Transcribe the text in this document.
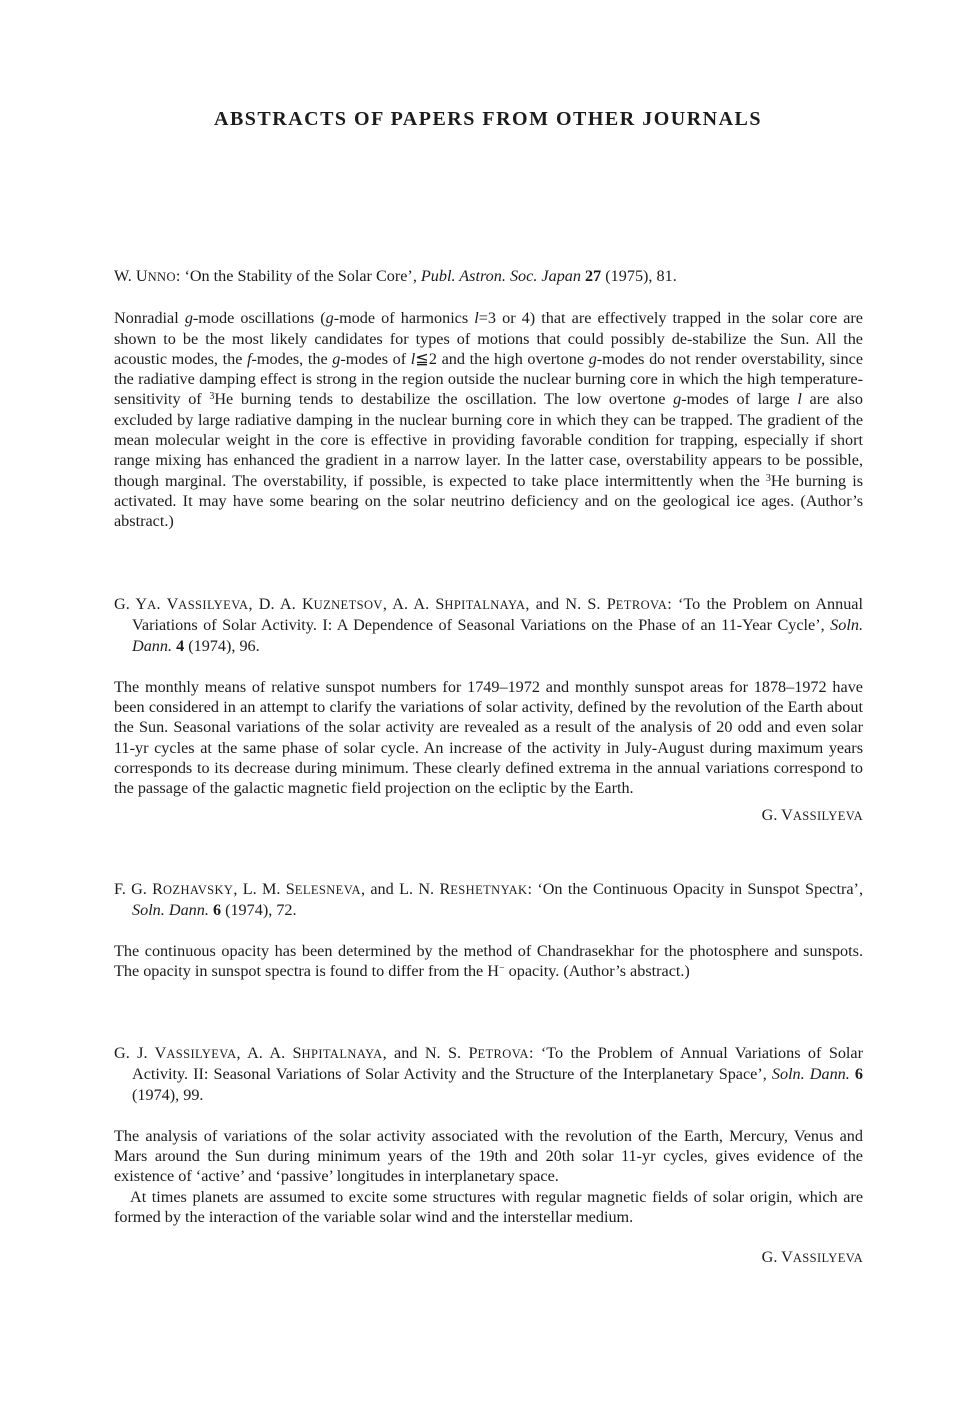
ABSTRACTS OF PAPERS FROM OTHER JOURNALS
W. UNNO: ‘On the Stability of the Solar Core’, Publ. Astron. Soc. Japan 27 (1975), 81.

Nonradial g-mode oscillations (g-mode of harmonics l=3 or 4) that are effectively trapped in the solar core are shown to be the most likely candidates for types of motions that could possibly de-stabilize the Sun. All the acoustic modes, the f-modes, the g-modes of l≦2 and the high overtone g-modes do not render overstability, since the radiative damping effect is strong in the region outside the nuclear burning core in which the high temperature-sensitivity of $^3$He burning tends to destabilize the oscillation. The low overtone g-modes of large l are also excluded by large radiative damping in the nuclear burning core in which they can be trapped. The gradient of the mean molecular weight in the core is effective in providing favorable condition for trapping, especially if short range mixing has enhanced the gradient in a narrow layer. In the latter case, overstability appears to be possible, though marginal. The overstability, if possible, is expected to take place intermittently when the $^3$He burning is activated. It may have some bearing on the solar neutrino deficiency and on the geological ice ages. (Author’s abstract.)

G. YA. VASSILYEVA, D. A. KUZNETSOV, A. A. SHPITALNAYA, and N. S. PETROVA: ‘To the Problem on Annual Variations of Solar Activity. I: A Dependence of Seasonal Variations on the Phase of an 11-Year Cycle’, Soln. Dann. 4 (1974), 96.

The monthly means of relative sunspot numbers for 1749–1972 and monthly sunspot areas for 1878–1972 have been considered in an attempt to clarify the variations of solar activity, defined by the revolution of the Earth about the Sun. Seasonal variations of the solar activity are revealed as a result of the analysis of 20 odd and even solar 11-yr cycles at the same phase of solar cycle. An increase of the activity in July-August during maximum years corresponds to its decrease during minimum. These clearly defined extrema in the annual variations correspond to the passage of the galactic magnetic field projection on the ecliptic by the Earth.

G. VASSILYEVA
F. G. ROZHAVSKY, L. M. SELESNEVA, and L. N. RESHETNYAK: ‘On the Continuous Opacity in Sunspot Spectra’, Soln. Dann. 6 (1974), 72.

The continuous opacity has been determined by the method of Chandrasekhar for the photosphere and sunspots. The opacity in sunspot spectra is found to differ from the H− opacity. (Author’s abstract.)

G. J. VASSILYEVA, A. A. SHPITALNAYA, and N. S. PETROVA: ‘To the Problem of Annual Variations of Solar Activity. II: Seasonal Variations of Solar Activity and the Structure of the Interplanetary Space’, Soln. Dann. 6 (1974), 99.

The analysis of variations of the solar activity associated with the revolution of the Earth, Mercury, Venus and Mars around the Sun during minimum years of the 19th and 20th solar 11-yr cycles, gives evidence of the existence of ‘active’ and ‘passive’ longitudes in interplanetary space.

At times planets are assumed to excite some structures with regular magnetic fields of solar origin, which are formed by the interaction of the variable solar wind and the interstellar medium.

G. VASSILYEVA
